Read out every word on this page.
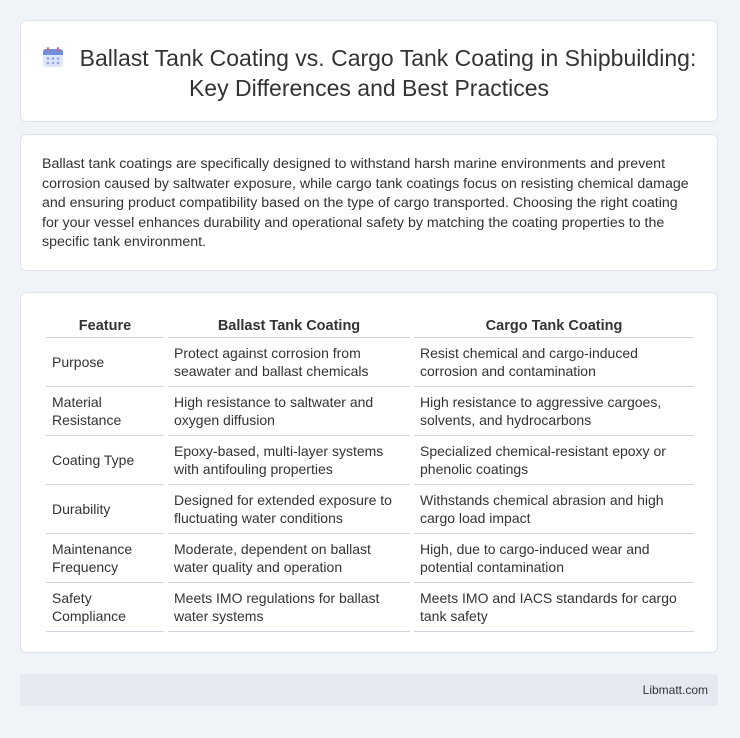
Ballast Tank Coating vs. Cargo Tank Coating in Shipbuilding: Key Differences and Best Practices

Ballast tank coatings are specifically designed to withstand harsh marine environments and prevent corrosion caused by saltwater exposure, while cargo tank coatings focus on resisting chemical damage and ensuring product compatibility based on the type of cargo transported. Choosing the right coating for your vessel enhances durability and operational safety by matching the coating properties to the specific tank environment.

Feature	Ballast Tank Coating	Cargo Tank Coating
Purpose	Protect against corrosion from seawater and ballast chemicals	Resist chemical and cargo-induced corrosion and contamination
Material Resistance	High resistance to saltwater and oxygen diffusion	High resistance to aggressive cargoes, solvents, and hydrocarbons
Coating Type	Epoxy-based, multi-layer systems with antifouling properties	Specialized chemical-resistant epoxy or phenolic coatings
Durability	Designed for extended exposure to fluctuating water conditions	Withstands chemical abrasion and high cargo load impact
Maintenance Frequency	Moderate, dependent on ballast water quality and operation	High, due to cargo-induced wear and potential contamination
Safety Compliance	Meets IMO regulations for ballast water systems	Meets IMO and IACS standards for cargo tank safety
Libmatt.com
